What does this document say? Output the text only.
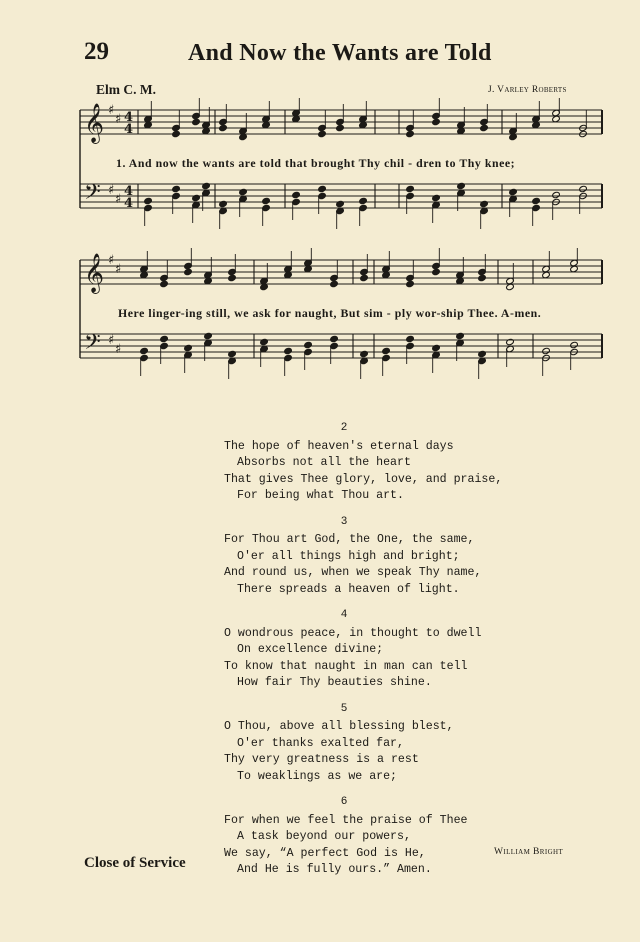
29	And Now the Wants are Told
Elm C. M.	J. Varley Roberts
𝄞
𝄢
♯
♯
♯
♯
4
4
4
4
1. And now the wants are told that brought Thy chil - dren to Thy knee;
𝄞
𝄢
♯
♯
♯
♯
Here linger-ing still, we ask for naught, But sim - ply wor-ship Thee. A-men.
2
The hope of heaven's eternal days
Absorbs not all the heart
That gives Thee glory, love, and praise,
For being what Thou art.
3
For Thou art God, the One, the same,
O'er all things high and bright;
And round us, when we speak Thy name,
There spreads a heaven of light.
4
O wondrous peace, in thought to dwell
On excellence divine;
To know that naught in man can tell
How fair Thy beauties shine.
5
O Thou, above all blessing blest,
O'er thanks exalted far,
Thy very greatness is a rest
To weaklings as we are;
6
For when we feel the praise of Thee
A task beyond our powers,
We say, “A perfect God is He,
And He is fully ours.” Amen.
William Bright
Close of Service
